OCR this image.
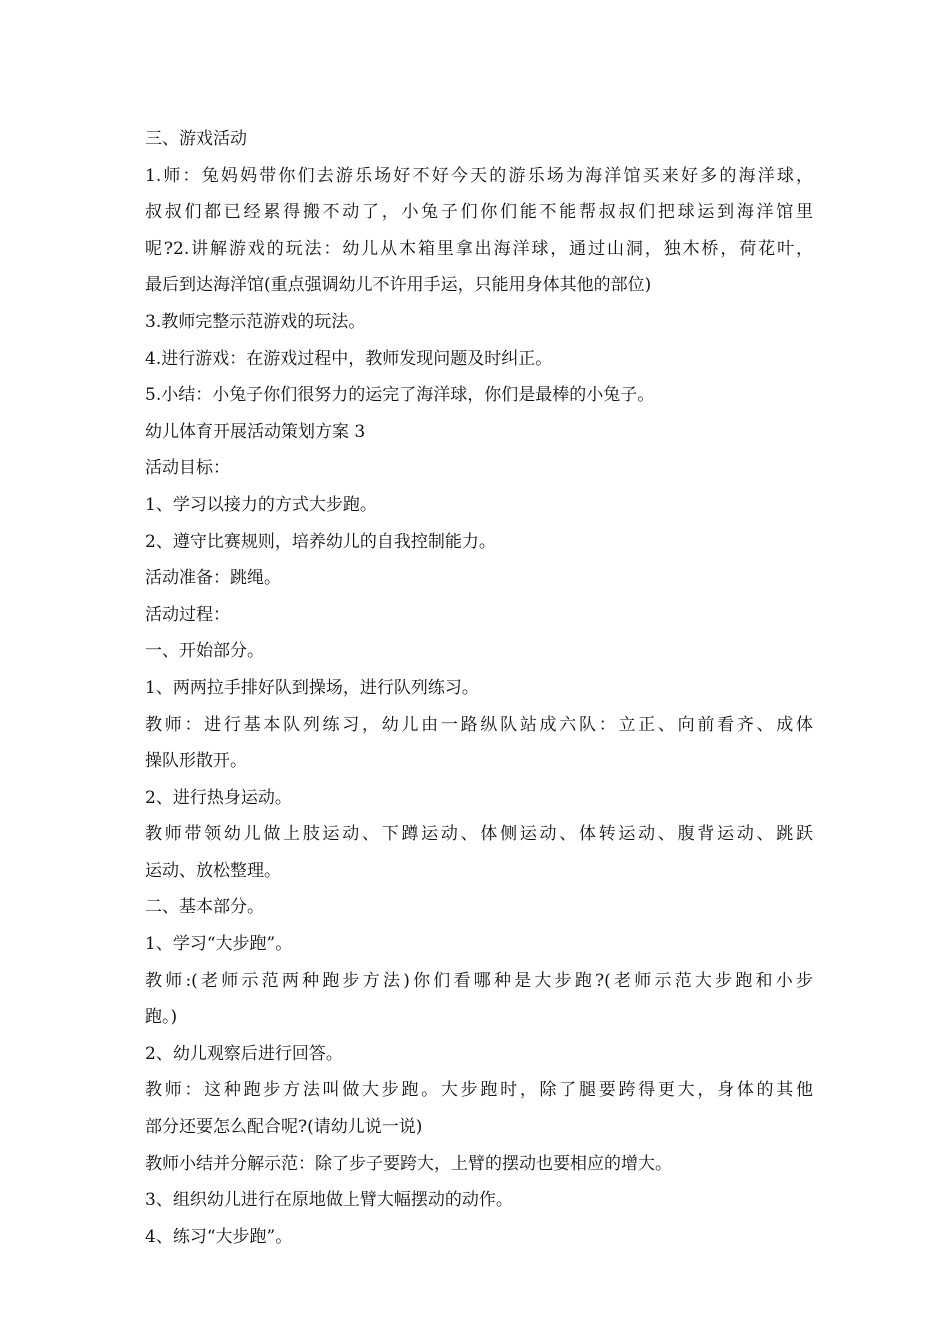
三、游戏活动
1.师：兔妈妈带你们去游乐场好不好今天的游乐场为海洋馆买来好多的海洋球，
叔叔们都已经累得搬不动了，小兔子们你们能不能帮叔叔们把球运到海洋馆里
呢?2.讲解游戏的玩法：幼儿从木箱里拿出海洋球，通过山洞，独木桥，荷花叶，
最后到达海洋馆(重点强调幼儿不许用手运，只能用身体其他的部位)
3.教师完整示范游戏的玩法。
4.进行游戏：在游戏过程中，教师发现问题及时纠正。
5.小结：小兔子你们很努力的运完了海洋球，你们是最棒的小兔子。
幼儿体育开展活动策划方案 3
活动目标：
1、学习以接力的方式大步跑。
2、遵守比赛规则，培养幼儿的自我控制能力。
活动准备：跳绳。
活动过程：
一、开始部分。
1、两两拉手排好队到操场，进行队列练习。
教师：进行基本队列练习，幼儿由一路纵队站成六队：立正、向前看齐、成体
操队形散开。
2、进行热身运动。
教师带领幼儿做上肢运动、下蹲运动、体侧运动、体转运动、腹背运动、跳跃
运动、放松整理。
二、基本部分。
1、学习“大步跑”。
教师:(老师示范两种跑步方法)你们看哪种是大步跑?(老师示范大步跑和小步
跑。)
2、幼儿观察后进行回答。
教师：这种跑步方法叫做大步跑。大步跑时，除了腿要跨得更大，身体的其他
部分还要怎么配合呢?(请幼儿说一说)
教师小结并分解示范：除了步子要跨大，上臂的摆动也要相应的增大。
3、组织幼儿进行在原地做上臂大幅摆动的动作。
4、练习“大步跑”。
